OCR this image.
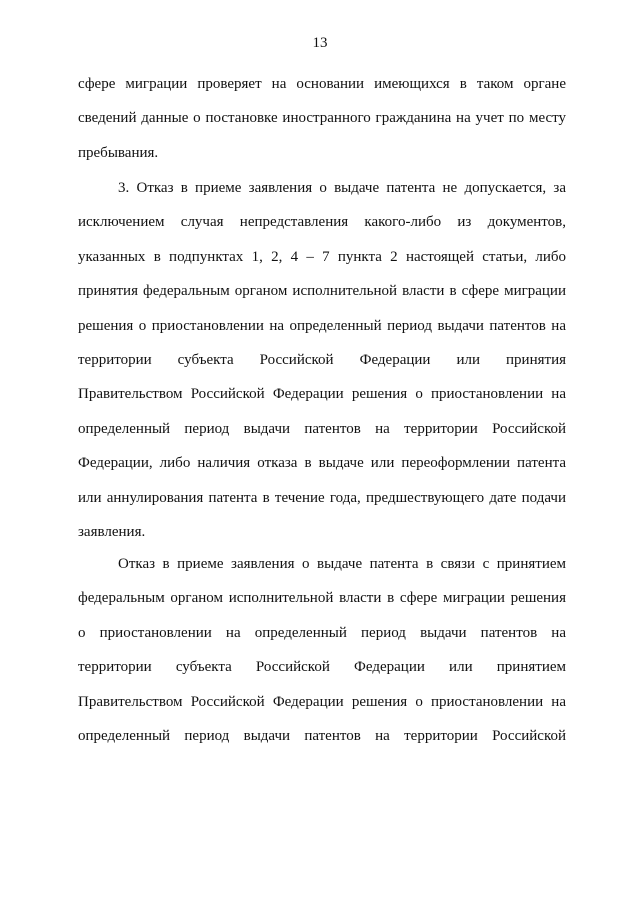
13
сфере миграции проверяет на основании имеющихся в таком органе
сведений данные о постановке иностранного гражданина на учет по месту
пребывания.
3. Отказ в приеме заявления о выдаче патента не допускается, за
исключением случая непредставления какого-либо из документов,
указанных в подпунктах 1, 2, 4 – 7 пункта 2 настоящей статьи, либо
принятия федеральным органом исполнительной власти в сфере миграции
решения о приостановлении на определенный период выдачи патентов на
территории субъекта Российской Федерации или принятия
Правительством Российской Федерации решения о приостановлении на
определенный период выдачи патентов на территории Российской
Федерации, либо наличия отказа в выдаче или переоформлении патента
или аннулирования патента в течение года, предшествующего дате подачи
заявления.
Отказ в приеме заявления о выдаче патента в связи с принятием
федеральным органом исполнительной власти в сфере миграции решения
о приостановлении на определенный период выдачи патентов на
территории субъекта Российской Федерации или принятием
Правительством Российской Федерации решения о приостановлении на
определенный период выдачи патентов на территории Российской
